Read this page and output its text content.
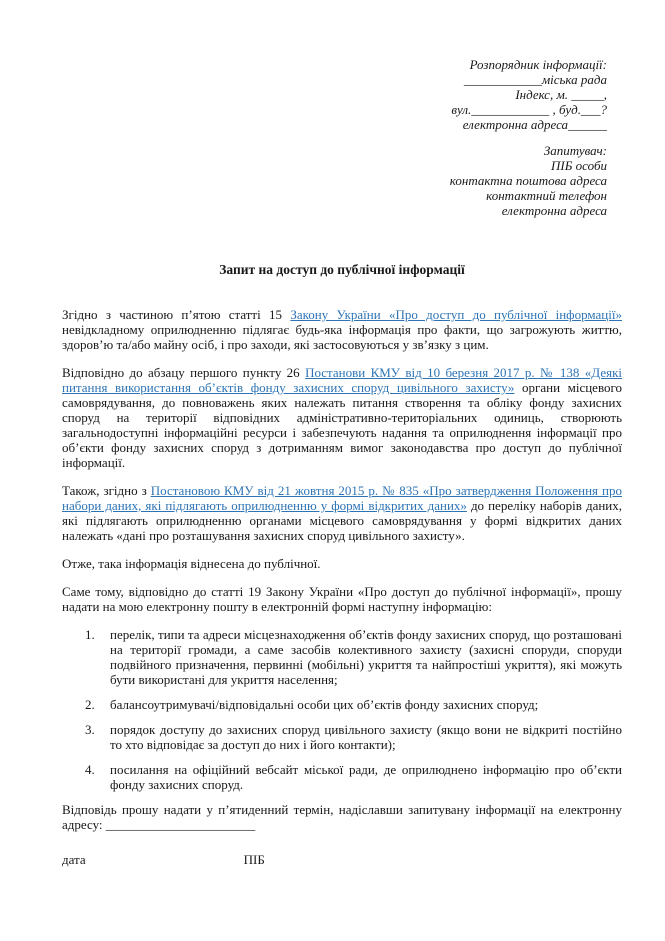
Розпорядник інформації:
____________міська рада
Індекс, м. _____,
вул.____________ , буд.___?
електронна адреса______
Запитувач:
ПІБ особи
контактна поштова адреса
контактний телефон
електронна адреса
Запит на доступ до публічної інформації

Згідно з частиною п’ятою статті 15 Закону України «Про доступ до публічної інформації» невідкладному оприлюдненню підлягає будь-яка інформація про факти, що загрожують життю, здоров’ю та/або майну осіб, і про заходи, які застосовуються у зв’язку з цим.

Відповідно до абзацу першого пункту 26 Постанови КМУ від 10 березня 2017 р. № 138 «Деякі питання використання об’єктів фонду захисних споруд цивільного захисту» органи місцевого самоврядування, до повноважень яких належать питання створення та обліку фонду захисних споруд на території відповідних адміністративно-територіальних одиниць, створюють загальнодоступні інформаційні ресурси і забезпечують надання та оприлюднення інформації про об’єкти фонду захисних споруд з дотриманням вимог законодавства про доступ до публічної інформації.

Також, згідно з Постановою КМУ від 21 жовтня 2015 р. № 835 «Про затвердження Положення про набори даних, які підлягають оприлюдненню у формі відкритих даних» до переліку наборів даних, які підлягають оприлюдненню органами місцевого самоврядування у формі відкритих даних належать «дані про розташування захисних споруд цивільного захисту».

Отже, така інформація віднесена до публічної.

Саме тому, відповідно до статті 19 Закону України «Про доступ до публічної інформації», прошу надати на мою електронну пошту в електронній формі наступну інформацію:

1.	перелік, типи та адреси місцезнаходження об’єктів фонду захисних споруд, що розташовані на території громади, а саме засобів колективного захисту (захисні споруди, споруди подвійного призначення, первинні (мобільні) укриття та найпростіші укриття), які можуть бути використані для укриття населення;
2.	балансоутримувачі/відповідальні особи цих об’єктів фонду захисних споруд;
3.	порядок доступу до захисних споруд цивільного захисту (якщо вони не відкриті постійно то хто відповідає за доступ до них і його контакти);
4.	посилання на офіційний вебсайт міської ради, де оприлюднено інформацію про об’єкти фонду захисних споруд.

Відповідь прошу надати у п’ятиденний термін, надіславши запитувану інформації на електронну адресу: _______________________

дата	ПІБ
